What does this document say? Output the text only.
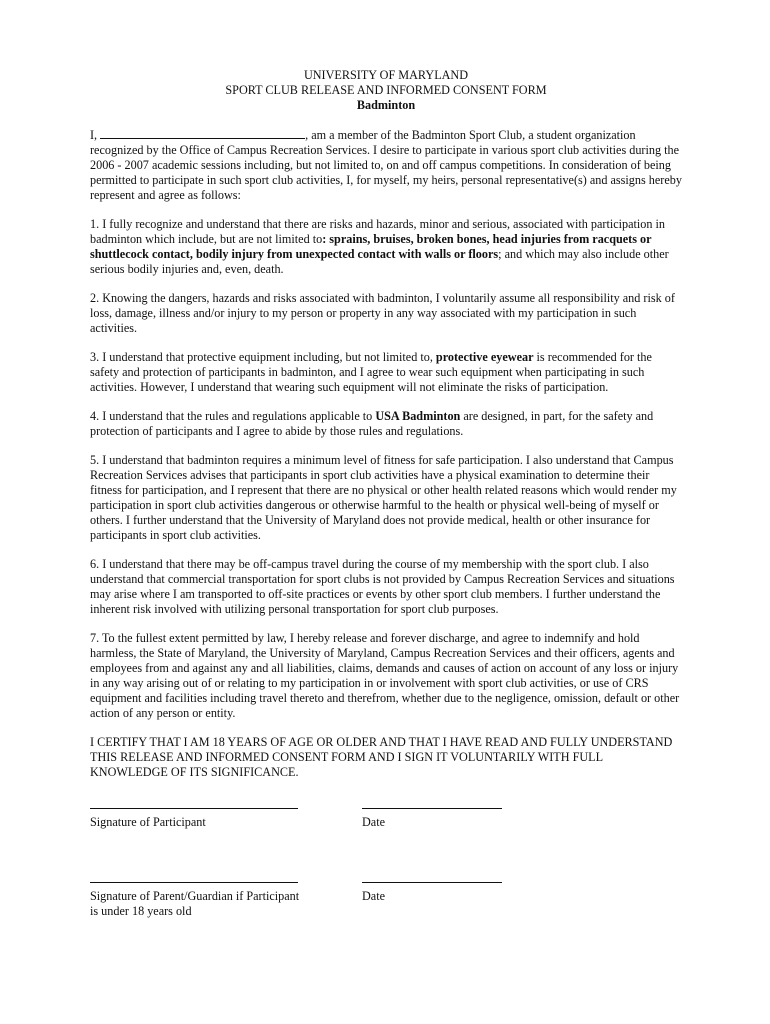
UNIVERSITY OF MARYLAND
SPORT CLUB RELEASE AND INFORMED CONSENT FORM
Badminton

I,	, am a member of the Badminton Sport Club, a student organization recognized by the Office of Campus Recreation Services. I desire to participate in various sport club activities during the 2006 - 2007 academic sessions including, but not limited to, on and off campus competitions. In consideration of being permitted to participate in such sport club activities, I, for myself, my heirs, personal representative(s) and assigns hereby represent and agree as follows:

1. I fully recognize and understand that there are risks and hazards, minor and serious, associated with participation in badminton which include, but are not limited to: sprains, bruises, broken bones, head injuries from racquets or shuttlecock contact, bodily injury from unexpected contact with walls or floors; and which may also include other serious bodily injuries and, even, death.

2. Knowing the dangers, hazards and risks associated with badminton, I voluntarily assume all responsibility and risk of loss, damage, illness and/or injury to my person or property in any way associated with my participation in such activities.

3. I understand that protective equipment including, but not limited to, protective eyewear is recommended for the safety and protection of participants in badminton, and I agree to wear such equipment when participating in such activities. However, I understand that wearing such equipment will not eliminate the risks of participation.

4. I understand that the rules and regulations applicable to USA Badminton are designed, in part, for the safety and protection of participants and I agree to abide by those rules and regulations.

5. I understand that badminton requires a minimum level of fitness for safe participation. I also understand that Campus Recreation Services advises that participants in sport club activities have a physical examination to determine their fitness for participation, and I represent that there are no physical or other health related reasons which would render my participation in sport club activities dangerous or otherwise harmful to the health or physical well-being of myself or others. I further understand that the University of Maryland does not provide medical, health or other insurance for participants in sport club activities.

6. I understand that there may be off-campus travel during the course of my membership with the sport club. I also understand that commercial transportation for sport clubs is not provided by Campus Recreation Services and situations may arise where I am transported to off-site practices or events by other sport club members. I further understand the inherent risk involved with utilizing personal transportation for sport club purposes.

7. To the fullest extent permitted by law, I hereby release and forever discharge, and agree to indemnify and hold harmless, the State of Maryland, the University of Maryland, Campus Recreation Services and their officers, agents and employees from and against any and all liabilities, claims, demands and causes of action on account of any loss or injury in any way arising out of or relating to my participation in or involvement with sport club activities, or use of CRS equipment and facilities including travel thereto and therefrom, whether due to the negligence, omission, default or other action of any person or entity.

I CERTIFY THAT I AM 18 YEARS OF AGE OR OLDER AND THAT I HAVE READ AND FULLY UNDERSTAND THIS RELEASE AND INFORMED CONSENT FORM AND I SIGN IT VOLUNTARILY WITH FULL KNOWLEDGE OF ITS SIGNIFICANCE.

Signature of Participant	Date
Signature of Parent/Guardian if Participant
is under 18 years old
Date
